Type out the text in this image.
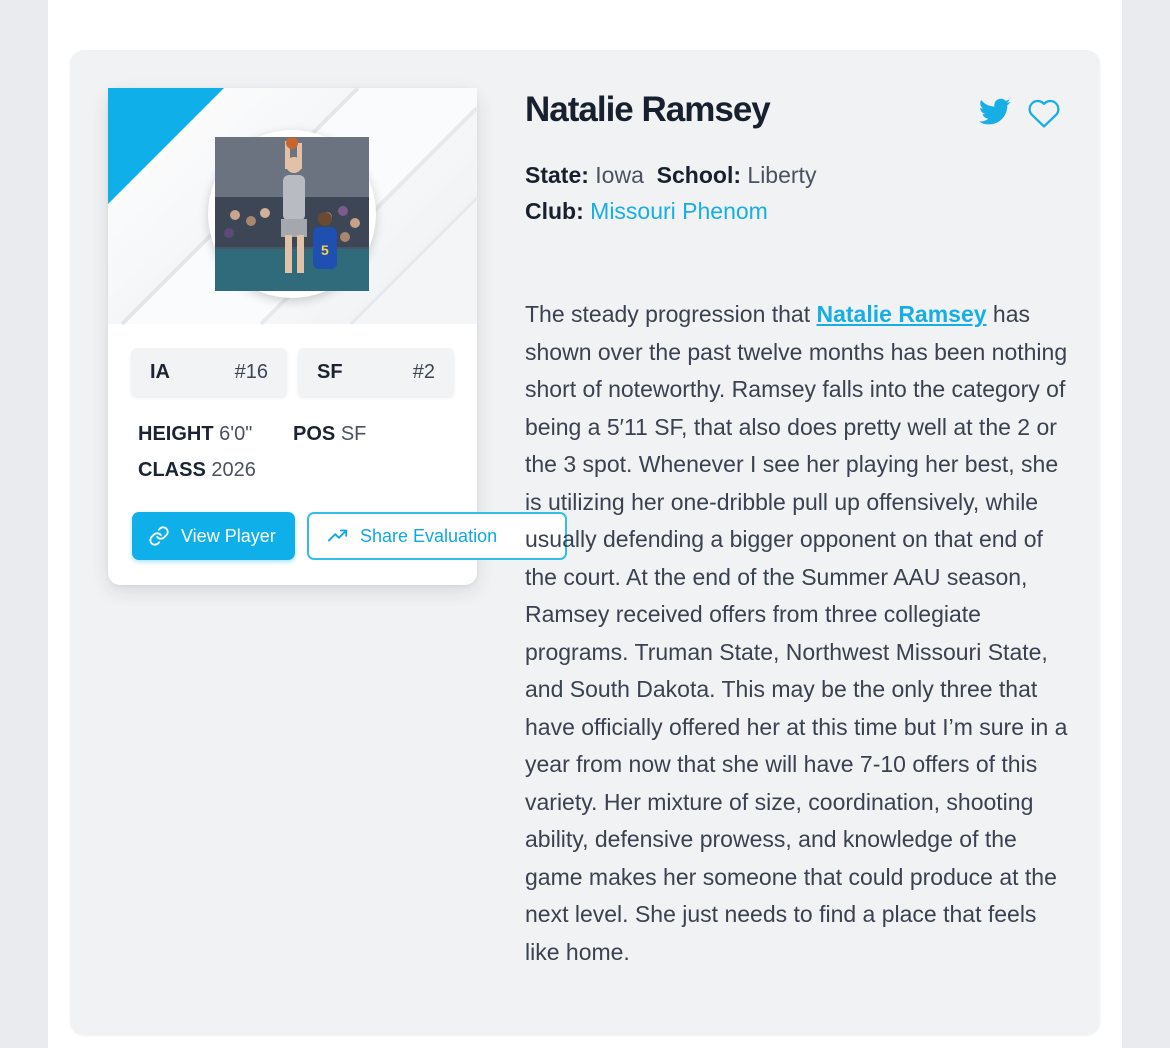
5
IA	#16 SF	#2
HEIGHT 6'0" POS SF
CLASS 2026
View Player	Share Evaluation
Natalie Ramsey
State: Iowa School: Liberty
Club: Missouri Phenom

The steady progression that Natalie Ramsey has shown over the past twelve months has been nothing short of noteworthy. Ramsey falls into the category of being a 5′11 SF, that also does pretty well at the 2 or the 3 spot. Whenever I see her playing her best, she is utilizing her one-dribble pull up offensively, while usually defending a bigger opponent on that end of the court. At the end of the Summer AAU season, Ramsey received offers from three collegiate programs. Truman State, Northwest Missouri State, and South Dakota. This may be the only three that have officially offered her at this time but I’m sure in a year from now that she will have 7-10 offers of this variety. Her mixture of size, coordination, shooting ability, defensive prowess, and knowledge of the game makes her someone that could produce at the next level. She just needs to find a place that feels like home.
